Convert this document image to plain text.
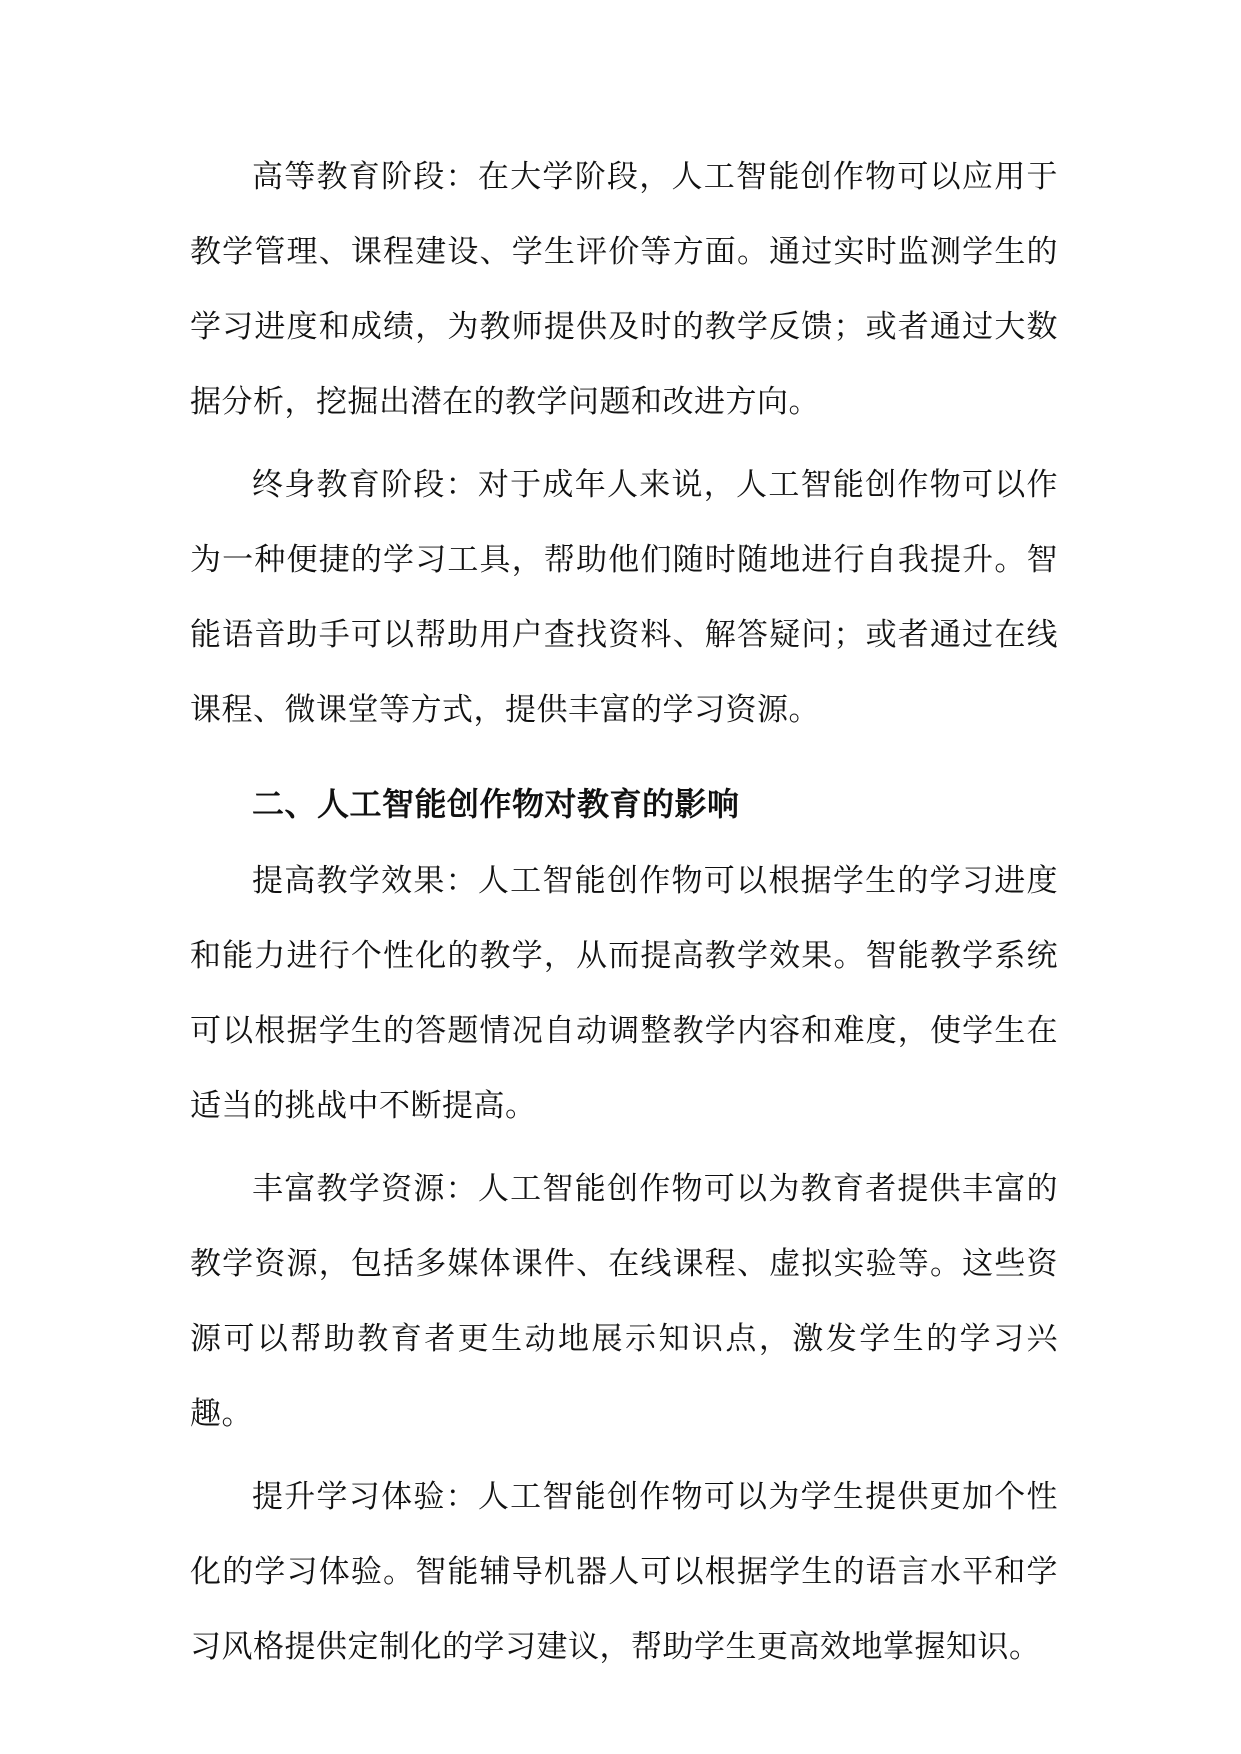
高等教育阶段：在大学阶段，人工智能创作物可以应用于教学管理、课程建设、学生评价等方面。通过实时监测学生的学习进度和成绩，为教师提供及时的教学反馈；或者通过大数据分析，挖掘出潜在的教学问题和改进方向。

终身教育阶段：对于成年人来说，人工智能创作物可以作为一种便捷的学习工具，帮助他们随时随地进行自我提升。智能语音助手可以帮助用户查找资料、解答疑问；或者通过在线课程、微课堂等方式，提供丰富的学习资源。

二、人工智能创作物对教育的影响

提高教学效果：人工智能创作物可以根据学生的学习进度和能力进行个性化的教学，从而提高教学效果。智能教学系统可以根据学生的答题情况自动调整教学内容和难度，使学生在适当的挑战中不断提高。

丰富教学资源：人工智能创作物可以为教育者提供丰富的教学资源，包括多媒体课件、在线课程、虚拟实验等。这些资源可以帮助教育者更生动地展示知识点，激发学生的学习兴趣。

提升学习体验：人工智能创作物可以为学生提供更加个性化的学习体验。智能辅导机器人可以根据学生的语言水平和学习风格提供定制化的学习建议，帮助学生更高效地掌握知识。
